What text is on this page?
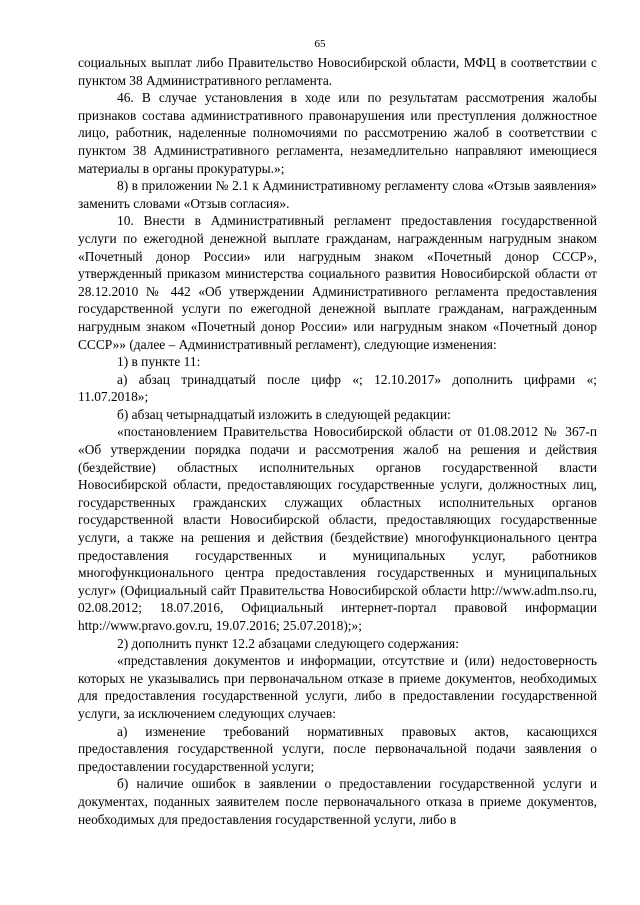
65

социальных выплат либо Правительство Новосибирской области, МФЦ в соответствии с пунктом 38 Административного регламента.

46. В случае установления в ходе или по результатам рассмотрения жалобы признаков состава административного правонарушения или преступления должностное лицо, работник, наделенные полномочиями по рассмотрению жалоб в соответствии с пунктом 38 Административного регламента, незамедлительно направляют имеющиеся материалы в органы прокуратуры.»;

8) в приложении № 2.1 к Административному регламенту слова «Отзыв заявления» заменить словами «Отзыв согласия».

10. Внести в Административный регламент предоставления государственной услуги по ежегодной денежной выплате гражданам, награжденным нагрудным знаком «Почетный донор России» или нагрудным знаком «Почетный донор СССР», утвержденный приказом министерства социального развития Новосибирской области от 28.12.2010 № 442 «Об утверждении Административного регламента предоставления государственной услуги по ежегодной денежной выплате гражданам, награжденным нагрудным знаком «Почетный донор России» или нагрудным знаком «Почетный донор СССР»» (далее – Административный регламент), следующие изменения:

1) в пункте 11:

а) абзац тринадцатый после цифр «; 12.10.2017» дополнить цифрами «; 11.07.2018»;

б) абзац четырнадцатый изложить в следующей редакции:

«постановлением Правительства Новосибирской области от 01.08.2012 № 367-п «Об утверждении порядка подачи и рассмотрения жалоб на решения и действия (бездействие) областных исполнительных органов государственной власти Новосибирской области, предоставляющих государственные услуги, должностных лиц, государственных гражданских служащих областных исполнительных органов государственной власти Новосибирской области, предоставляющих государственные услуги, а также на решения и действия (бездействие) многофункционального центра предоставления государственных и муниципальных услуг, работников многофункционального центра предоставления государственных и муниципальных услуг» (Официальный сайт Правительства Новосибирской области http://www.adm.nso.ru, 02.08.2012; 18.07.2016, Официальный интернет-портал правовой информации http://www.pravo.gov.ru, 19.07.2016; 25.07.2018);»;

2) дополнить пункт 12.2 абзацами следующего содержания:

«представления документов и информации, отсутствие и (или) недостоверность которых не указывались при первоначальном отказе в приеме документов, необходимых для предоставления государственной услуги, либо в предоставлении государственной услуги, за исключением следующих случаев:

а) изменение требований нормативных правовых актов, касающихся предоставления государственной услуги, после первоначальной подачи заявления о предоставлении государственной услуги;

б) наличие ошибок в заявлении о предоставлении государственной услуги и документах, поданных заявителем после первоначального отказа в приеме документов, необходимых для предоставления государственной услуги, либо в
